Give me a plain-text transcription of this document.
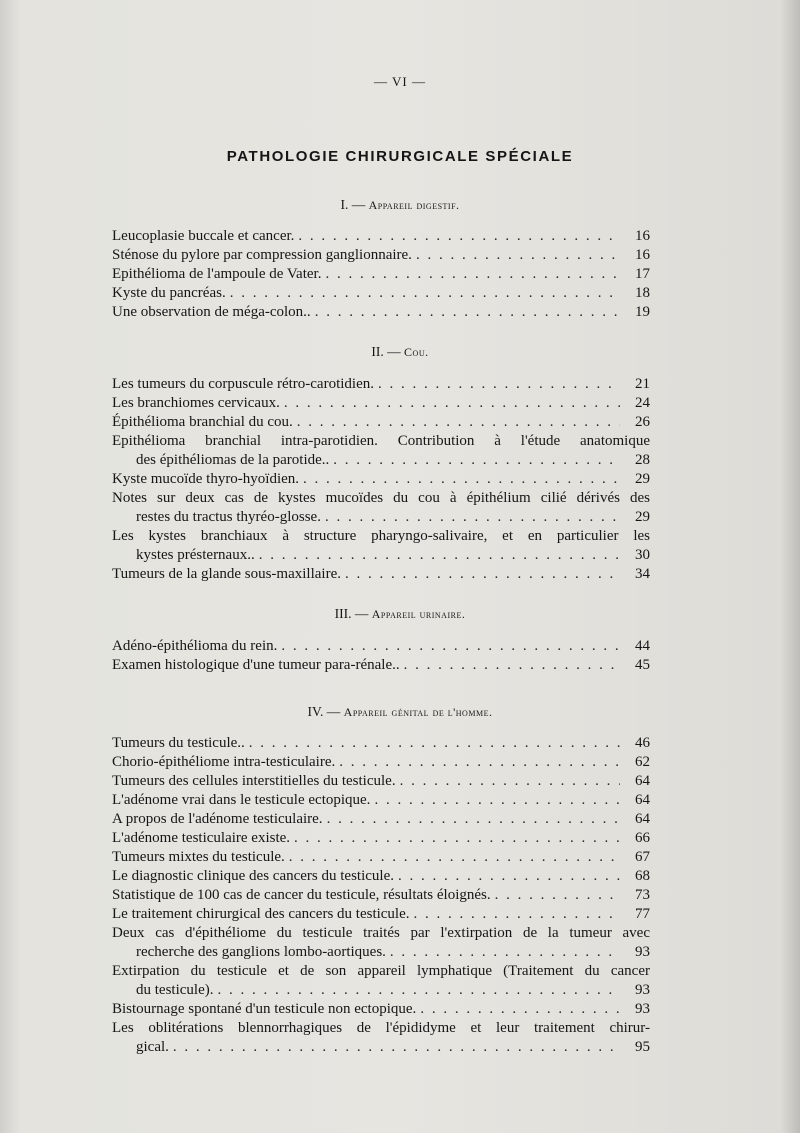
— VI —
PATHOLOGIE CHIRURGICALE SPÉCIALE
I. — Appareil digestif.
Leucoplasie buccale et cancer. . . .	16
Sténose du pylore par compression ganglionnaire. . . .	16
Epithélioma de l'ampoule de Vater. . . .	17
Kyste du pancréas. . . .	18
Une observation de méga-colon.. . . .	19
II. — Cou.
Les tumeurs du corpuscule rétro-carotidien. . . .	21
Les branchiomes cervicaux. . . .	24
Épithélioma branchial du cou. . . .	26
Epithélioma branchial intra-parotidien. Contribution à l'étude anatomique
des épithéliomas de la parotide.. . . .	28
Kyste mucoïde thyro-hyoïdien. . . .	29
Notes sur deux cas de kystes mucoïdes du cou à épithélium cilié dérivés des
restes du tractus thyréo-glosse. . . .	29
Les kystes branchiaux à structure pharyngo-salivaire, et en particulier les
kystes présternaux.. . . .	30
Tumeurs de la glande sous-maxillaire. . . .	34
III. — Appareil urinaire.
Adéno-épithélioma du rein. . . .	44
Examen histologique d'une tumeur para-rénale.. . . .	45
IV. — Appareil génital de l'homme.
Tumeurs du testicule.. . . .	46
Chorio-épithéliome intra-testiculaire. . . .	62
Tumeurs des cellules interstitielles du testicule. . . .	64
L'adénome vrai dans le testicule ectopique. . . .	64
A propos de l'adénome testiculaire. . . .	64
L'adénome testiculaire existe. . . .	66
Tumeurs mixtes du testicule. . . .	67
Le diagnostic clinique des cancers du testicule. . . .	68
Statistique de 100 cas de cancer du testicule, résultats éloignés. . . .	73
Le traitement chirurgical des cancers du testicule. . . .	77
Deux cas d'épithéliome du testicule traités par l'extirpation de la tumeur avec
recherche des ganglions lombo-aortiques. . . .	93
Extirpation du testicule et de son appareil lymphatique (Traitement du cancer
du testicule). . . .	93
Bistournage spontané d'un testicule non ectopique. . . .	93
Les oblitérations blennorrhagiques de l'épididyme et leur traitement chirur-
gical. . . .	95
